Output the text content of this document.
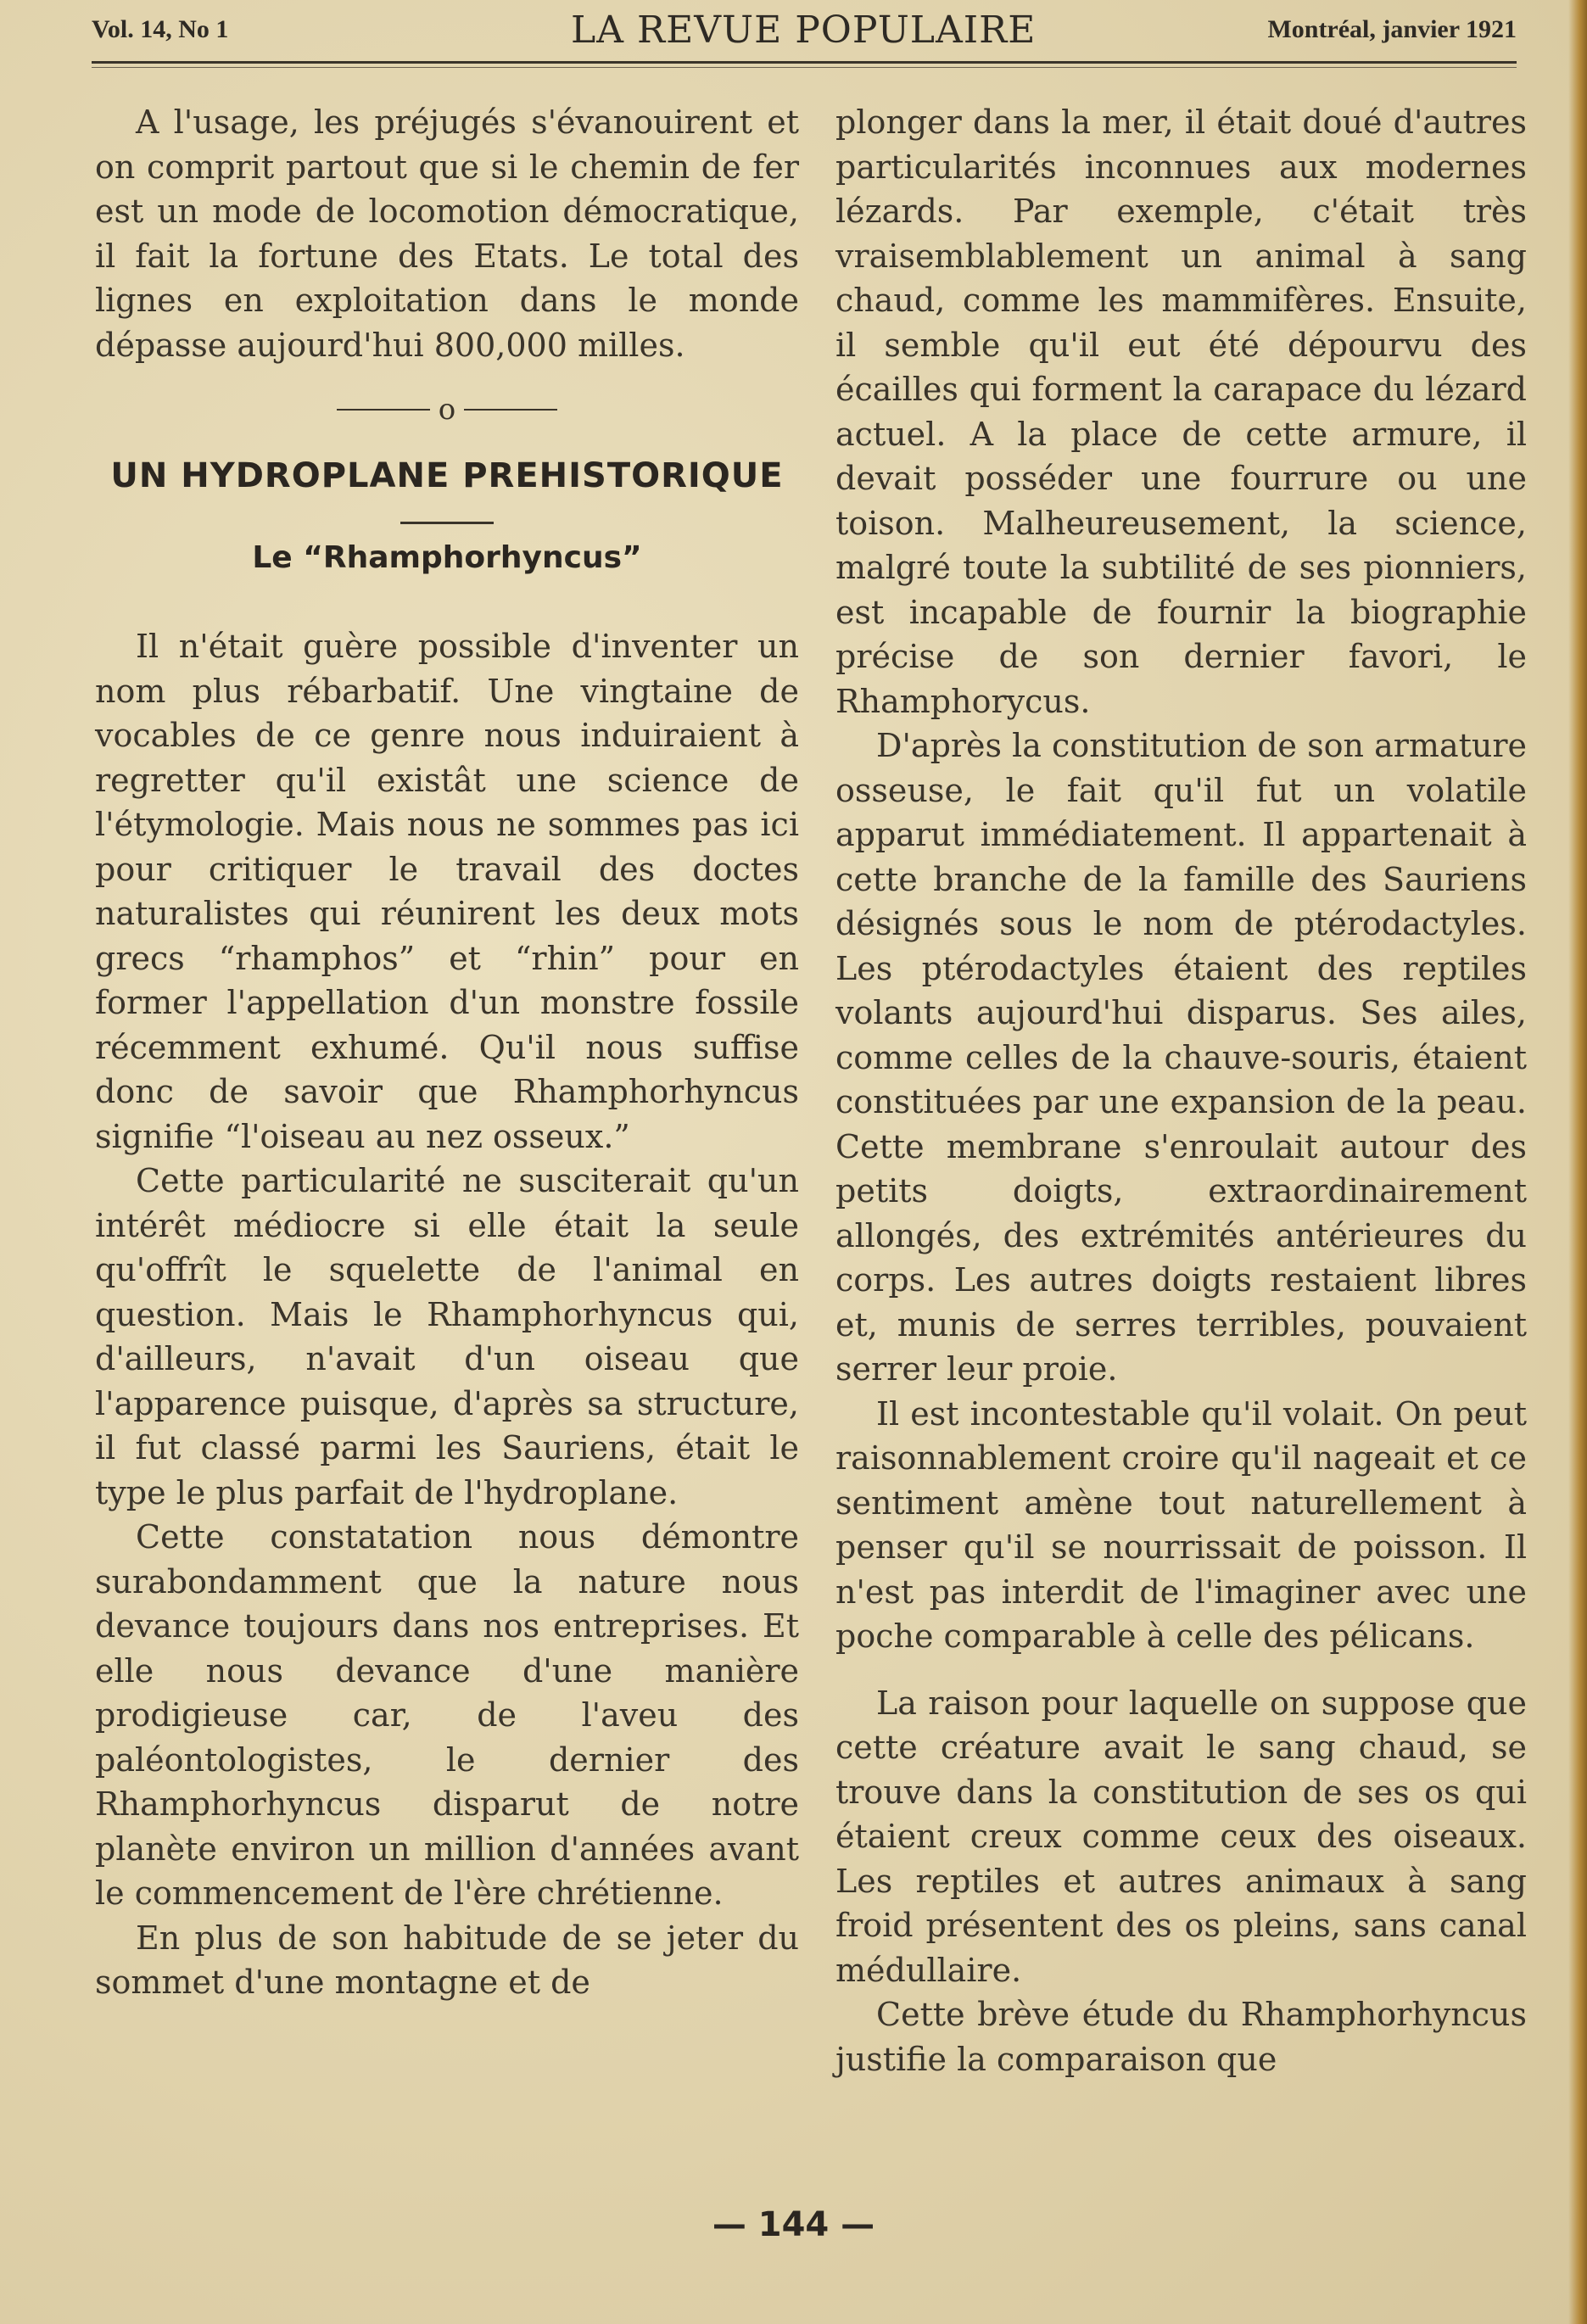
Vol. 14, No 1	LA REVUE POPULAIRE	Montréal, janvier 1921

A l'usage, les préjugés s'évanouirent et on comprit partout que si le chemin de fer est un mode de locomotion démocratique, il fait la fortune des Etats. Le total des lignes en exploitation dans le monde dépasse aujourd'hui 800,000 milles.

o
UN HYDROPLANE PREHISTORIQUE
Le “Rhamphorhyncus”

Il n'était guère possible d'inventer un nom plus rébarbatif. Une vingtaine de vocables de ce genre nous induiraient à regretter qu'il existât une science de l'étymologie. Mais nous ne sommes pas ici pour critiquer le travail des doctes naturalistes qui réunirent les deux mots grecs “rhamphos” et “rhin” pour en former l'appellation d'un monstre fossile récemment exhumé. Qu'il nous suffise donc de savoir que Rhamphorhyncus signifie “l'oiseau au nez osseux.”

Cette particularité ne susciterait qu'un intérêt médiocre si elle était la seule qu'offrît le squelette de l'animal en question. Mais le Rhamphorhyncus qui, d'ailleurs, n'avait d'un oiseau que l'apparence puisque, d'après sa structure, il fut classé parmi les Sauriens, était le type le plus parfait de l'hydroplane.

Cette constatation nous démontre surabondamment que la nature nous devance toujours dans nos entreprises. Et elle nous devance d'une manière prodigieuse car, de l'aveu des paléontologistes, le dernier des Rhamphorhyncus disparut de notre planète environ un million d'années avant le commencement de l'ère chrétienne.

En plus de son habitude de se jeter du sommet d'une montagne et de

plonger dans la mer, il était doué d'autres particularités inconnues aux modernes lézards. Par exemple, c'était très vraisemblablement un animal à sang chaud, comme les mammifères. Ensuite, il semble qu'il eut été dépourvu des écailles qui forment la carapace du lézard actuel. A la place de cette armure, il devait posséder une fourrure ou une toison. Malheureusement, la science, malgré toute la subtilité de ses pionniers, est incapable de fournir la biographie précise de son dernier favori, le Rhamphorycus.

D'après la constitution de son armature osseuse, le fait qu'il fut un volatile apparut immédiatement. Il appartenait à cette branche de la famille des Sauriens désignés sous le nom de ptérodactyles. Les ptérodactyles étaient des reptiles volants aujourd'hui disparus. Ses ailes, comme celles de la chauve-souris, étaient constituées par une expansion de la peau. Cette membrane s'enroulait autour des petits doigts, extraordinairement allongés, des extrémités antérieures du corps. Les autres doigts restaient libres et, munis de serres terribles, pouvaient serrer leur proie.

Il est incontestable qu'il volait. On peut raisonnablement croire qu'il nageait et ce sentiment amène tout naturellement à penser qu'il se nourrissait de poisson. Il n'est pas interdit de l'imaginer avec une poche comparable à celle des pélicans.

La raison pour laquelle on suppose que cette créature avait le sang chaud, se trouve dans la constitution de ses os qui étaient creux comme ceux des oiseaux. Les reptiles et autres animaux à sang froid présentent des os pleins, sans canal médullaire.

Cette brève étude du Rhamphorhyncus justifie la comparaison que

— 144 —
